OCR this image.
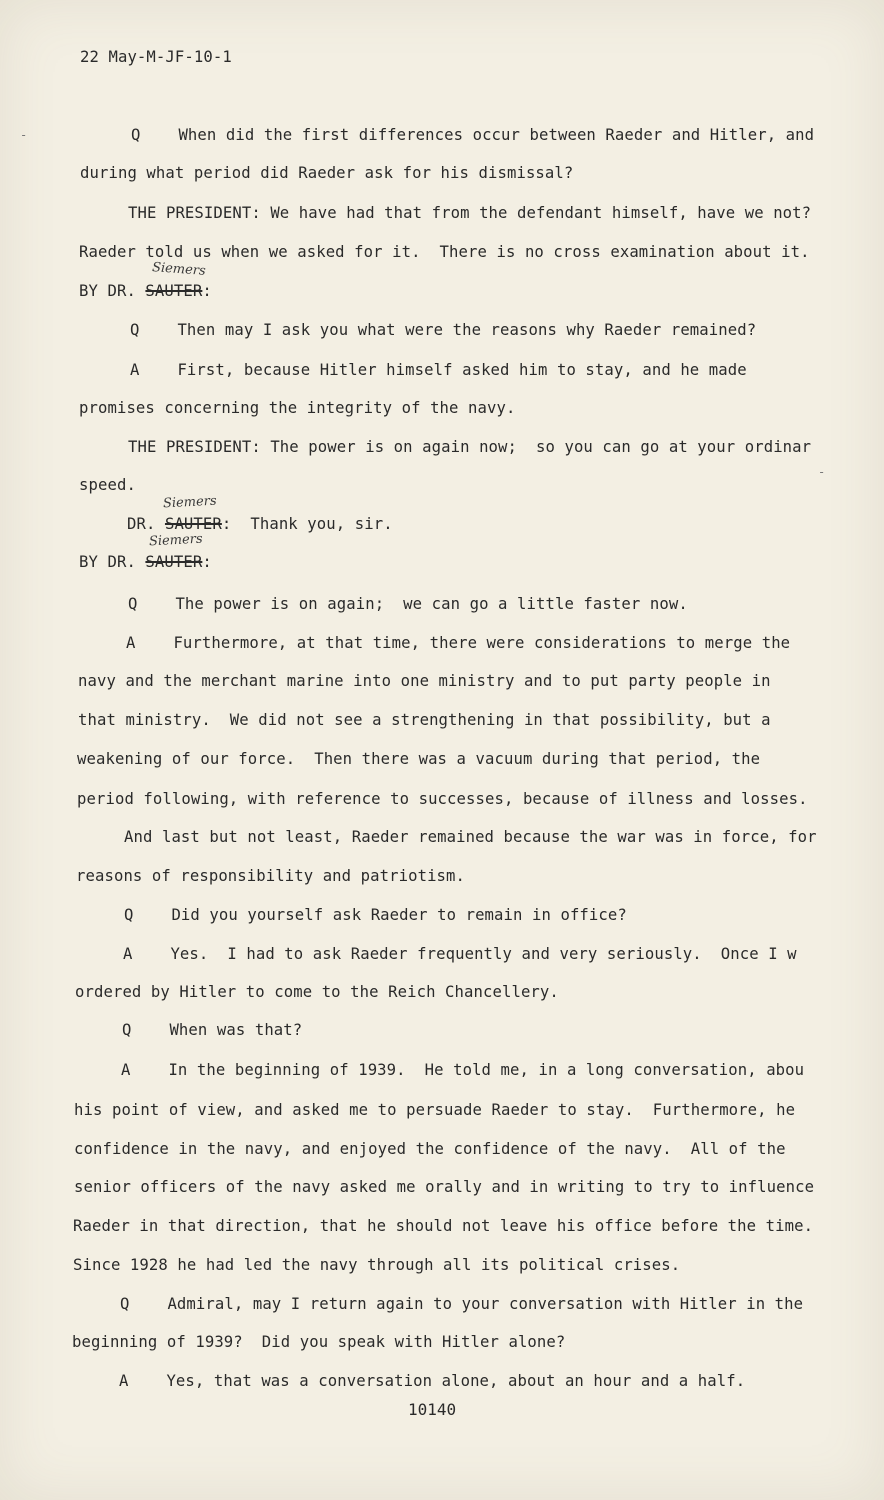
22 May-M-JF-10-1
Q    When did the first differences occur between Raeder and Hitler, and
during what period did Raeder ask for his dismissal?
THE PRESIDENT: We have had that from the defendant himself, have we not?
Raeder told us when we asked for it.  There is no cross examination about it.
Siemers
BY DR. SAUTER:
Q    Then may I ask you what were the reasons why Raeder remained?
A    First, because Hitler himself asked him to stay, and he made
promises concerning the integrity of the navy.
THE PRESIDENT: The power is on again now;  so you can go at your ordinar
speed.
Siemers
DR. SAUTER:  Thank you, sir.
Siemers
BY DR. SAUTER:
Q    The power is on again;  we can go a little faster now.
A    Furthermore, at that time, there were considerations to merge the
navy and the merchant marine into one ministry and to put party people in
that ministry.  We did not see a strengthening in that possibility, but a
weakening of our force.  Then there was a vacuum during that period, the
period following, with reference to successes, because of illness and losses.
And last but not least, Raeder remained because the war was in force, for
reasons of responsibility and patriotism.
Q    Did you yourself ask Raeder to remain in office?
A    Yes.  I had to ask Raeder frequently and very seriously.  Once I w
ordered by Hitler to come to the Reich Chancellery.
Q    When was that?
A    In the beginning of 1939.  He told me, in a long conversation, abou
his point of view, and asked me to persuade Raeder to stay.  Furthermore, he
confidence in the navy, and enjoyed the confidence of the navy.  All of the
senior officers of the navy asked me orally and in writing to try to influence
Raeder in that direction, that he should not leave his office before the time.
Since 1928 he had led the navy through all its political crises.
Q    Admiral, may I return again to your conversation with Hitler in the
beginning of 1939?  Did you speak with Hitler alone?
A    Yes, that was a conversation alone, about an hour and a half.
10140
-
-
